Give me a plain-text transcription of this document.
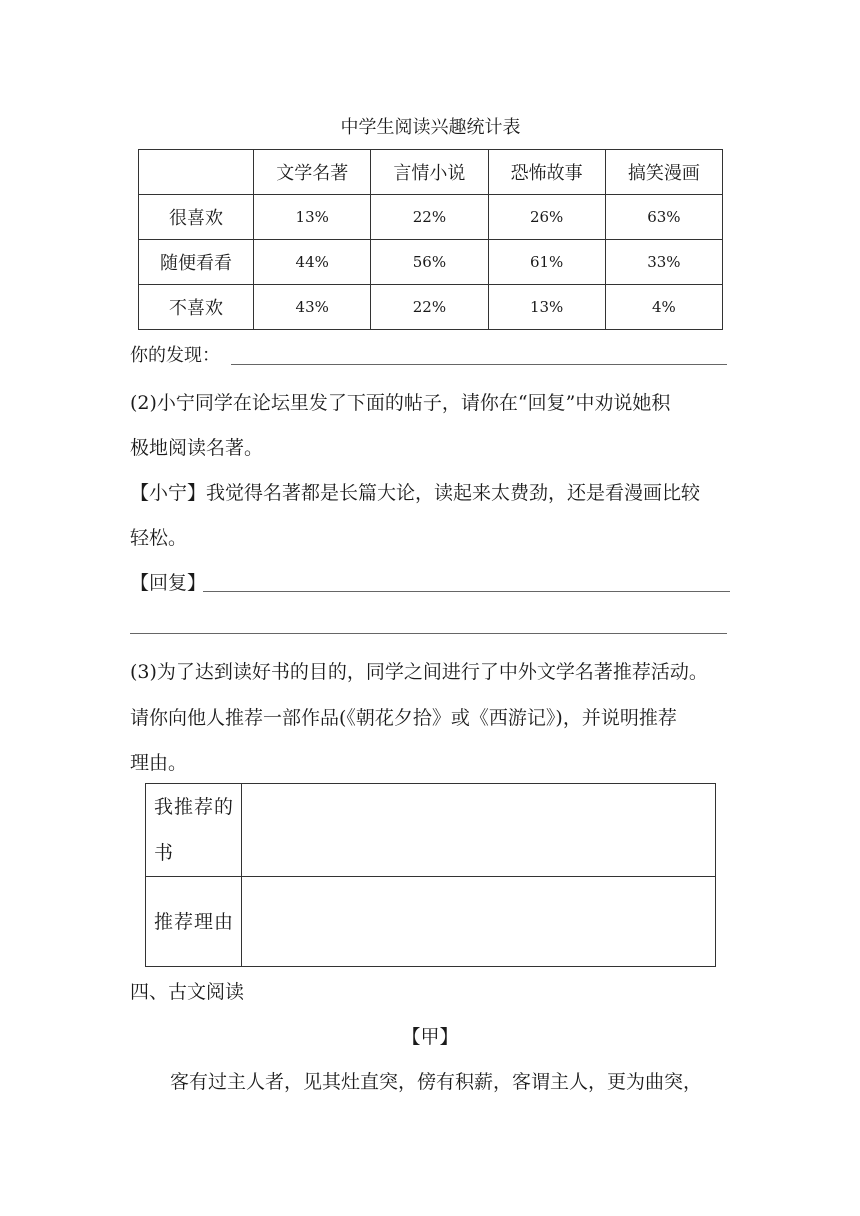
中学生阅读兴趣统计表
	文学名著	言情小说	恐怖故事	搞笑漫画
很喜欢	13%	22%	26%	63%
随便看看	44%	56%	61%	33%
不喜欢	43%	22%	13%	4%
你的发现：
(2)小宁同学在论坛里发了下面的帖子，请你在“回复”中劝说她积
极地阅读名著。
【小宁】我觉得名著都是长篇大论，读起来太费劲，还是看漫画比较
轻松。
【回复】
(3)为了达到读好书的目的，同学之间进行了中外文学名著推荐活动。
请你向他人推荐一部作品(《朝花夕拾》或《西游记》)，并说明推荐
理由。
我推荐的
书	

推荐理由	

四、古文阅读
【甲】
客有过主人者，见其灶直突，傍有积薪，客谓主人，更为曲突，
